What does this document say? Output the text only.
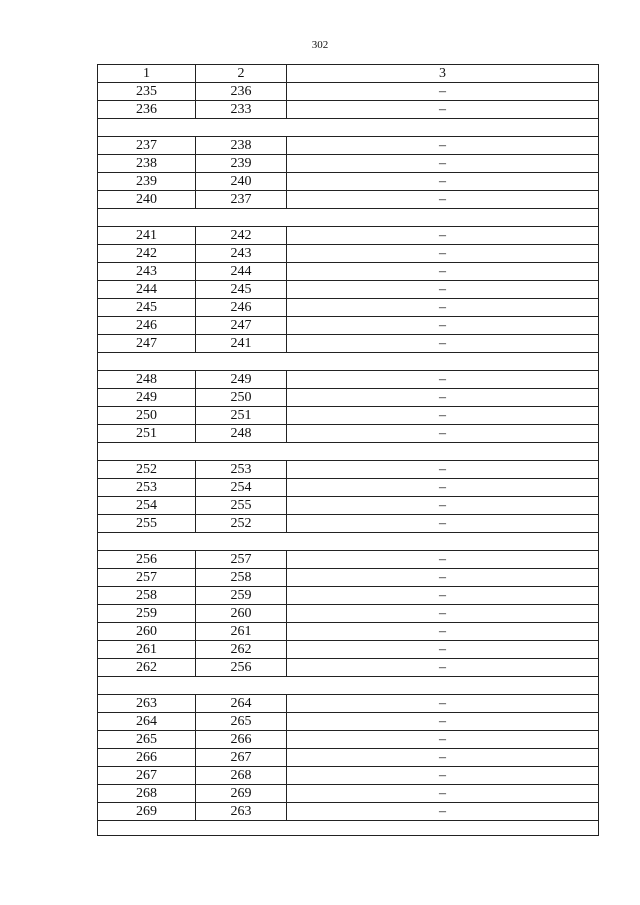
302
1	2	3
235	236	–
236	233	–

237	238	–
238	239	–
239	240	–
240	237	–

241	242	–
242	243	–
243	244	–
244	245	–
245	246	–
246	247	–
247	241	–

248	249	–
249	250	–
250	251	–
251	248	–

252	253	–
253	254	–
254	255	–
255	252	–

256	257	–
257	258	–
258	259	–
259	260	–
260	261	–
261	262	–
262	256	–

263	264	–
264	265	–
265	266	–
266	267	–
267	268	–
268	269	–
269	263	–
